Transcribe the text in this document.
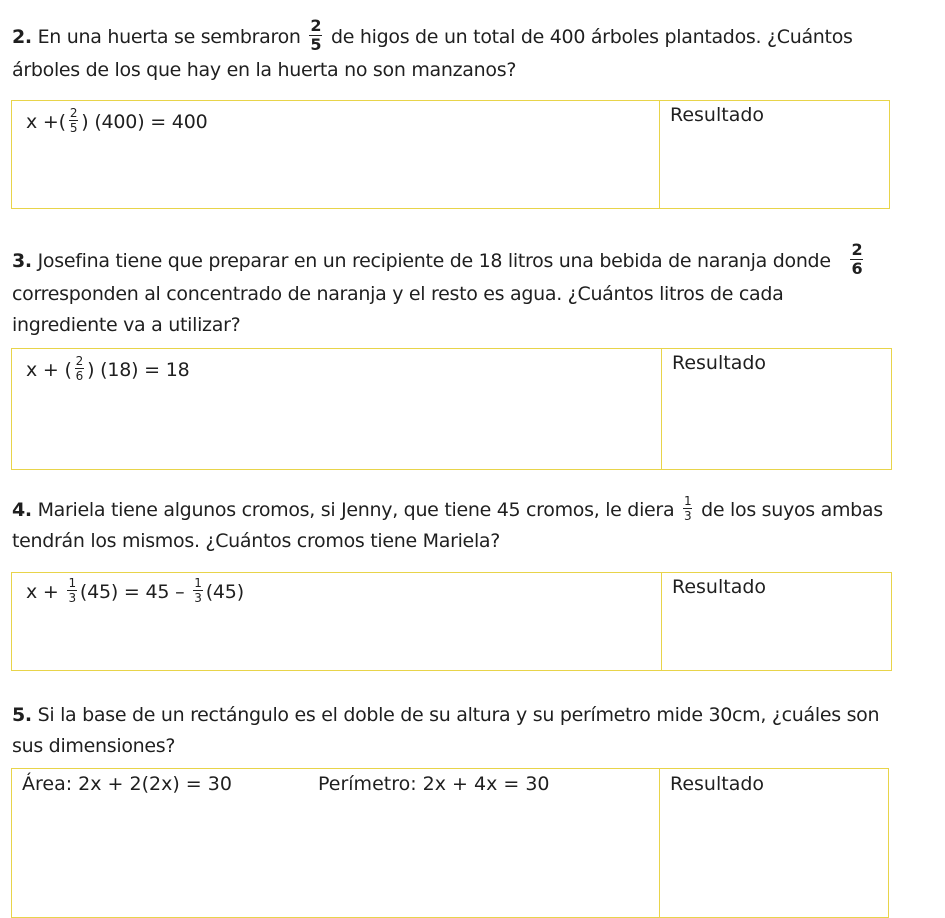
2. En una huerta se sembraron $\frac{2}{5}$ de higos de un total de 400 árboles plantados. ¿Cuántos
árboles de los que hay en la huerta no son manzanos?
x +( $\frac{2}{5}$ ) (400) = 400	Resultado
3. Josefina tiene que preparar en un recipiente de 18 litros una bebida de naranja donde $\frac{2}{6}$

corresponden al concentrado de naranja y el resto es agua. ¿Cuántos litros de cada
ingrediente va a utilizar?
x + ( $\frac{2}{6}$ ) (18) = 18	Resultado
4. Mariela tiene algunos cromos, si Jenny, que tiene 45 cromos, le diera $\frac{1}{3}$ de los suyos ambas
tendrán los mismos. ¿Cuántos cromos tiene Mariela?
$x + \frac{1}{3} (45) = 45 - \frac{1}{3} (45)$	Resultado
5. Si la base de un rectángulo es el doble de su altura y su perímetro mide 30cm, ¿cuáles son
sus dimensiones?
Área: 2x + 2(2x) = 30	Perímetro: 2x + 4x = 30	Resultado
